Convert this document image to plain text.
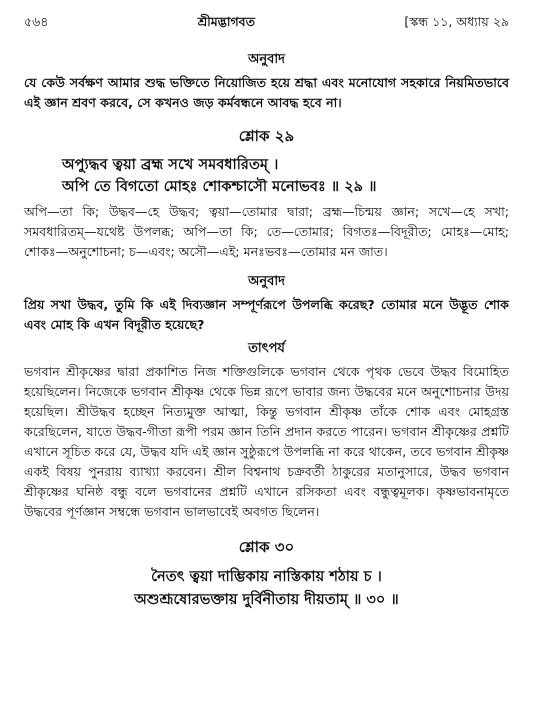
৫৬৪	শ্রীমদ্ভাগবত	[স্কন্ধ ১১, অধ্যায় ২৯
অনুবাদ
যে কেউ সর্বক্ষণ আমার শুদ্ধ ভক্তিতে নিয়োজিত হয়ে শ্রদ্ধা এবং মনোযোগ সহকারে নিয়মিতভাবে এই জ্ঞান শ্রবণ করবে, সে কখনও জড় কর্মবন্ধনে আবদ্ধ হবে না।
শ্লোক ২৯
অপ্যুদ্ধব ত্বয়া ব্রহ্ম সখে সমবধারিতম্ ।
অপি তে বিগতো মোহঃ শোকশ্চাসৌ মনোভবঃ ॥ ২৯ ॥
অপি—তা কি; উদ্ধব—হে উদ্ধব; ত্বয়া—তোমার দ্বারা; ব্রহ্ম—চিন্ময় জ্ঞান; সখে—হে সখা; সমবধারিতম্—যথেষ্ট উপলব্ধ; অপি—তা কি; তে—তোমার; বিগতঃ—বিদূরীত; মোহঃ—মোহ; শোকঃ—অনুশোচনা; চ—এবং; অসৌ—এই; মনঃভবঃ—তোমার মন জাত।
অনুবাদ
প্রিয় সখা উদ্ধব, তুমি কি এই দিব্যজ্ঞান সম্পূর্ণরূপে উপলব্ধি করেছ? তোমার মনে উদ্ভূত শোক এবং মোহ কি এখন বিদূরীত হয়েছে?
তাৎপর্য
ভগবান শ্রীকৃষ্ণের দ্বারা প্রকাশিত নিজ শক্তিগুলিকে ভগবান থেকে পৃথক ভেবে উদ্ধব বিমোহিত হয়েছিলেন। নিজেকে ভগবান শ্রীকৃষ্ণ থেকে ভিন্ন রূপে ভাবার জন্য উদ্ধবের মনে অনুশোচনার উদয় হয়েছিল। শ্রীউদ্ধব হচ্ছেন নিত্যমুক্ত আত্মা, কিন্তু ভগবান শ্রীকৃষ্ণ তাঁকে শোক এবং মোহগ্রস্ত করেছিলেন, যাতে উদ্ধব-গীতা রূপী পরম জ্ঞান তিনি প্রদান করতে পারেন। ভগবান শ্রীকৃষ্ণের প্রশ্নটি এখানে সূচিত করে যে, উদ্ধব যদি এই জ্ঞান সুষ্ঠুরূপে উপলব্ধি না করে থাকেন, তবে ভগবান শ্রীকৃষ্ণ একই বিষয় পুনরায় ব্যাখ্যা করবেন। শ্রীল বিশ্বনাথ চক্রবর্তী ঠাকুরের মতানুসারে, উদ্ধব ভগবান শ্রীকৃষ্ণের ঘনিষ্ঠ বন্ধু বলে ভগবানের প্রশ্নটি এখানে রসিকতা এবং বন্ধুত্বমূলক। কৃষ্ণভাবনামৃতে উদ্ধবের পূর্ণজ্ঞান সম্বন্ধে ভগবান ভালভাবেই অবগত ছিলেন।
শ্লোক ৩০
নৈতৎ ত্বয়া দাম্ভিকায় নাস্তিকায় শঠায় চ ।
অশুশ্রূষোরভক্তায় দুর্বিনীতায় দীয়তাম্ ॥ ৩০ ॥
